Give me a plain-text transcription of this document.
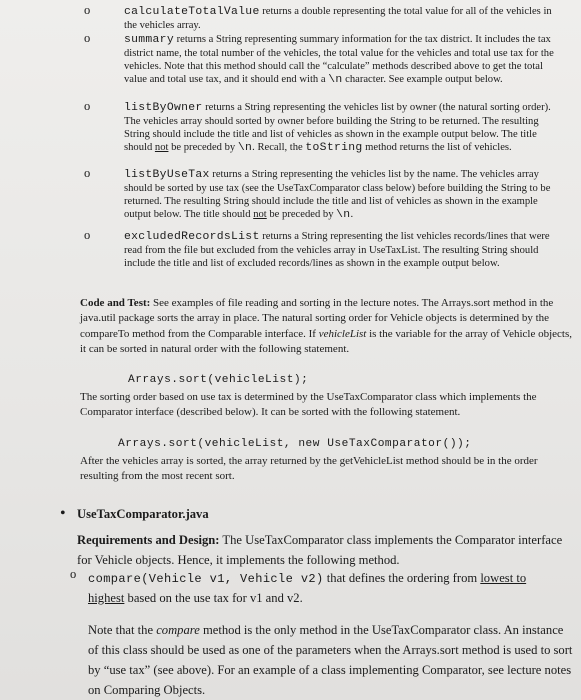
o	calculateTotalValue returns a double representing the total value for all of the vehicles in the vehicles array.
o	summary returns a String representing summary information for the tax district. It includes the tax district name, the total number of the vehicles, the total value for the vehicles and total use tax for the vehicles. Note that this method should call the “calculate” methods described above to get the total value and total use tax, and it should end with a \n character. See example output below.
o	listByOwner returns a String representing the vehicles list by owner (the natural sorting order). The vehicles array should sorted by owner before building the String to be returned. The resulting String should include the title and list of vehicles as shown in the example output below. The title should not be preceded by \n. Recall, the toString method returns the list of vehicles.
o	listByUseTax returns a String representing the vehicles list by the name. The vehicles array should be sorted by use tax (see the UseTaxComparator class below) before building the String to be returned. The resulting String should include the title and list of vehicles as shown in the example output below. The title should not be preceded by \n.
o	excludedRecordsList returns a String representing the list vehicles records/lines that were read from the file but excluded from the vehicles array in UseTaxList. The resulting String should include the title and list of excluded records/lines as shown in the example output below.
Code and Test: See examples of file reading and sorting in the lecture notes. The Arrays.sort method in the java.util package sorts the array in place. The natural sorting order for Vehicle objects is determined by the compareTo method from the Comparable interface. If vehicleList is the variable for the array of Vehicle objects, it can be sorted in natural order with the following statement.
Arrays.sort(vehicleList);
The sorting order based on use tax is determined by the UseTaxComparator class which implements the Comparator interface (described below). It can be sorted with the following statement.
Arrays.sort(vehicleList, new UseTaxComparator());
After the vehicles array is sorted, the array returned by the getVehicleList method should be in the order resulting from the most recent sort.
• UseTaxComparator.java
Requirements and Design: The UseTaxComparator class implements the Comparator interface for Vehicle objects. Hence, it implements the following method.
o compare(Vehicle v1, Vehicle v2) that defines the ordering from lowest to
highest based on the use tax for v1 and v2.
Note that the compare method is the only method in the UseTaxComparator class. An instance of this class should be used as one of the parameters when the Arrays.sort method is used to sort by “use tax” (see above). For an example of a class implementing Comparator, see lecture notes on Comparing Objects.
